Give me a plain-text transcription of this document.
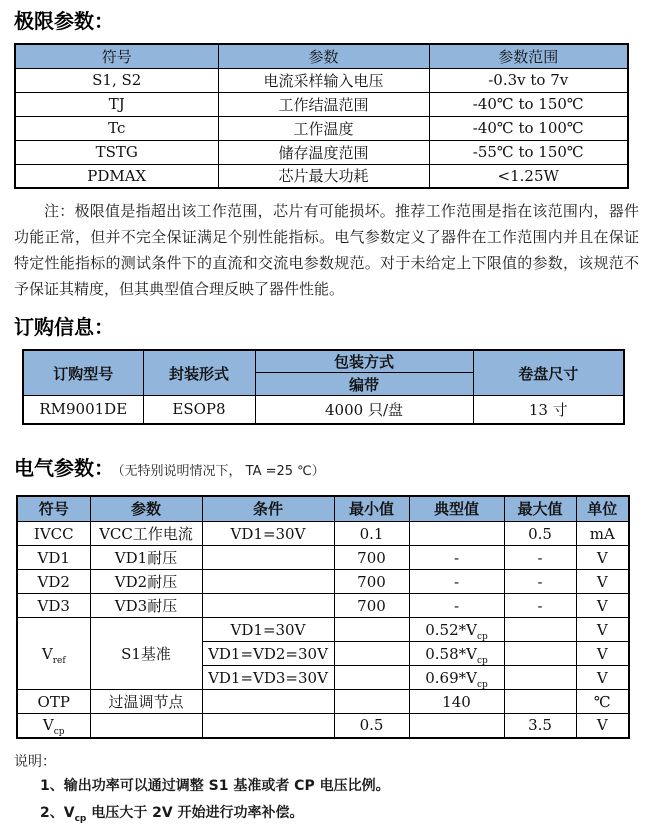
极限参数：
符号	参数	参数范围
S1, S2	电流采样输入电压	-0.3v to 7v
TJ	工作结温范围	-40℃ to 150℃
Tc	工作温度	-40℃ to 100℃
TSTG	储存温度范围	-55℃ to 150℃
PDMAX	芯片最大功耗	<1.25W

注：极限值是指超出该工作范围，芯片有可能损坏。推荐工作范围是指在该范围内，器件功能正常，但并不完全保证满足个别性能指标。电气参数定义了器件在工作范围内并且在保证特定性能指标的测试条件下的直流和交流电参数规范。对于未给定上下限值的参数，该规范不予保证其精度，但其典型值合理反映了器件性能。

订购信息：
订购型号	封装形式	包装方式	卷盘尺寸
		编带	
RM9001DE	ESOP8	4000 只/盘	13 寸
电气参数： （无特别说明情况下， TA =25 ℃）
符号	参数	条件	最小值	典型值	最大值	单位
IVCC	VCC工作电流	VD1=30V	0.1		0.5	mA
VD1	VD1耐压		700	-	-	V
VD2	VD2耐压		700	-	-	V
VD3	VD3耐压		700	-	-	V
$V_{ref}$	S1基准	VD1=30V		$0.52*V_{cp}$		V
		VD1=VD2=30V		$0.58*V_{cp}$		V
		VD1=VD3=30V		$0.69*V_{cp}$		V
OTP	过温调节点			140		℃
$V_{cp}$			0.5		3.5	V
说明：
1、输出功率可以通过调整 S1 基准或者 CP 电压比例。
2、$V_{cp}$ 电压大于 2V 开始进行功率补偿。
